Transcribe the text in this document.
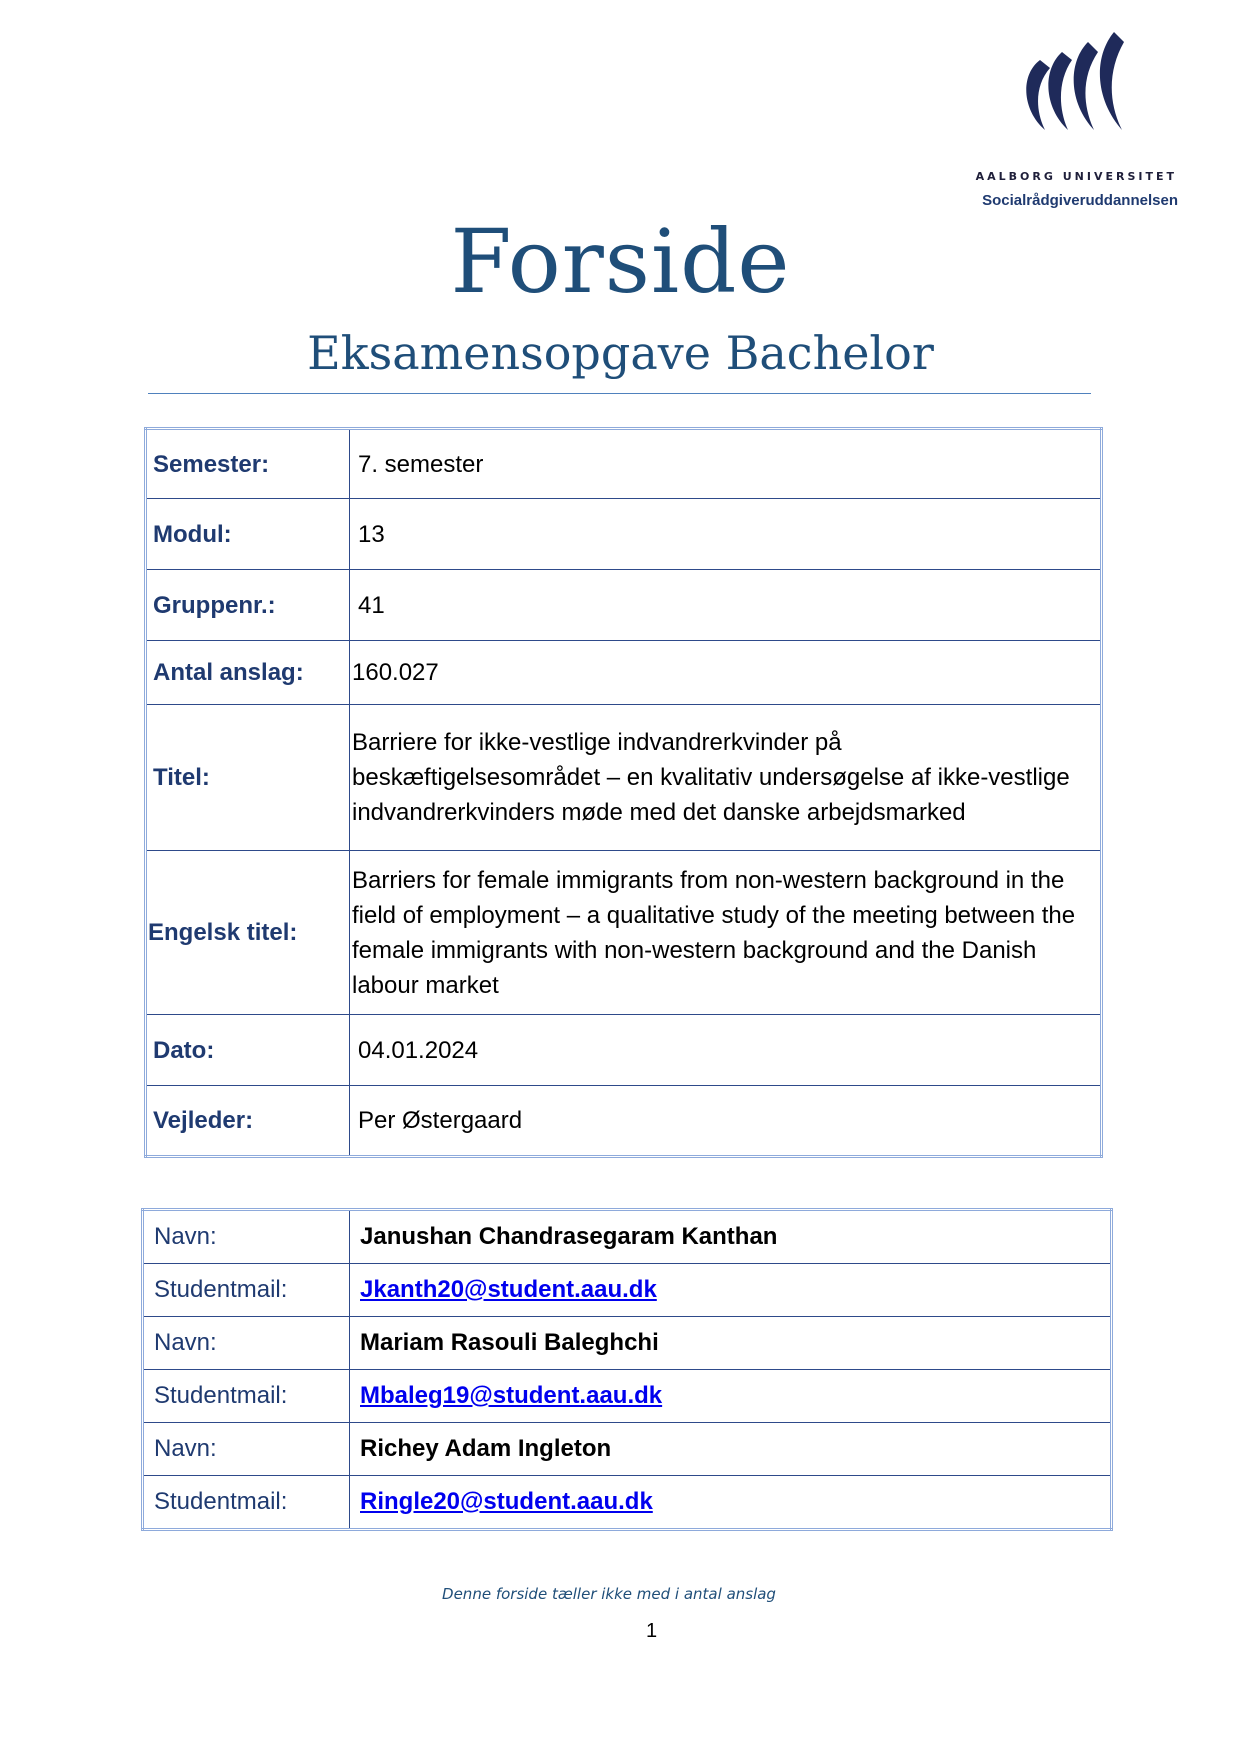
AALBORG UNIVERSITET
Socialrådgiveruddannelsen
Forside
Eksamensopgave Bachelor
Semester:	7. semester
Modul:	13
Gruppenr.:	41
Antal anslag:	160.027
Titel:	Barriere for ikke-vestlige indvandrerkvinder på beskæftigelsesområdet – en kvalitativ undersøgelse af ikke-vestlige indvandrerkvinders møde med det danske arbejdsmarked
Engelsk titel:	Barriers for female immigrants from non-western background in the field of employment – a qualitative study of the meeting between the female immigrants with non-western background and the Danish labour market
Dato:	04.01.2024
Vejleder:	Per Østergaard
Navn:	Janushan Chandrasegaram Kanthan
Studentmail:	Jkanth20@student.aau.dk
Navn:	Mariam Rasouli Baleghchi
Studentmail:	Mbaleg19@student.aau.dk
Navn:	Richey Adam Ingleton
Studentmail:	Ringle20@student.aau.dk
Denne forside tæller ikke med i antal anslag
1
